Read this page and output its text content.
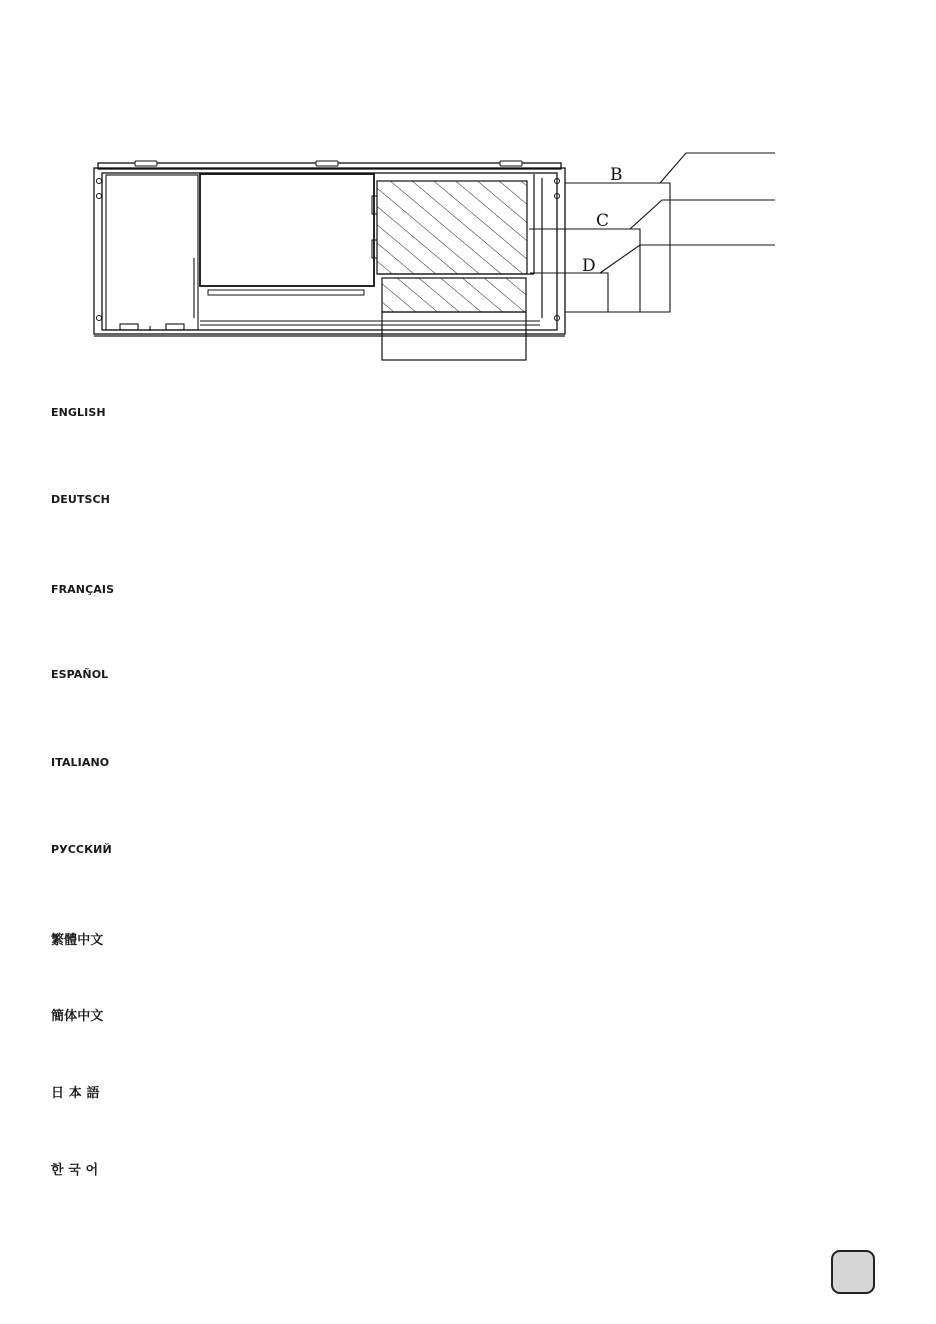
B
C
D
ENGLISH
DEUTSCH
FRANÇAIS
ESPAÑOL
ITALIANO
РУССКИЙ
繁體中文
簡体中文
日 本 語
한 국 어
